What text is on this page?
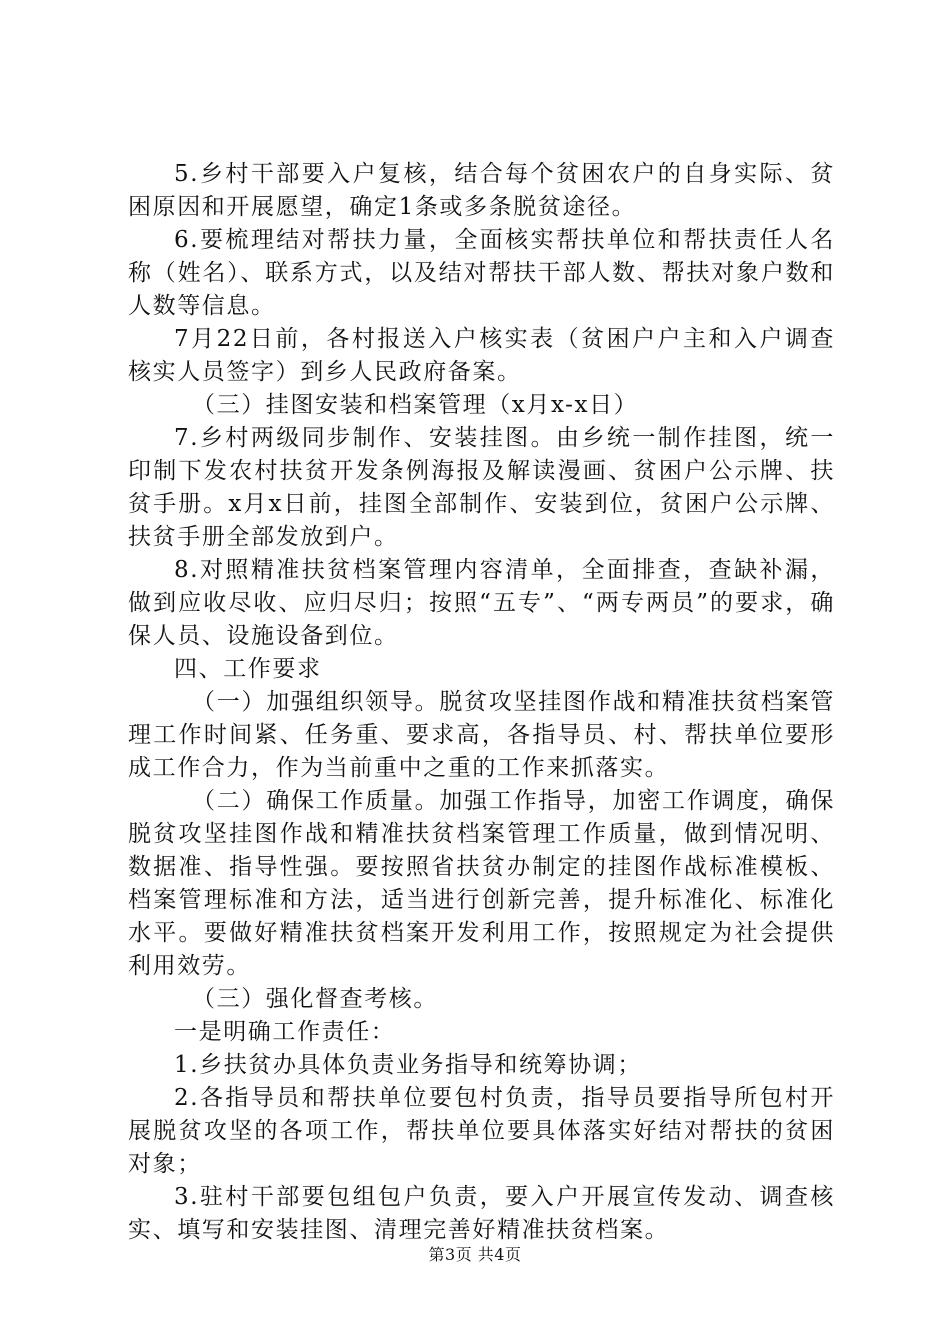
5.乡村干部要入户复核，结合每个贫困农户的自身实际、贫困原因和开展愿望，确定1条或多条脱贫途径。

6.要梳理结对帮扶力量，全面核实帮扶单位和帮扶责任人名称（姓名）、联系方式，以及结对帮扶干部人数、帮扶对象户数和人数等信息。

7月22日前，各村报送入户核实表（贫困户户主和入户调查核实人员签字）到乡人民政府备案。

（三）挂图安装和档案管理（x月x-x日）

7.乡村两级同步制作、安装挂图。由乡统一制作挂图，统一印制下发农村扶贫开发条例海报及解读漫画、贫困户公示牌、扶贫手册。x月x日前，挂图全部制作、安装到位，贫困户公示牌、扶贫手册全部发放到户。

8.对照精准扶贫档案管理内容清单，全面排查，查缺补漏，做到应收尽收、应归尽归；按照“五专”、“两专两员”的要求，确保人员、设施设备到位。

四、工作要求

（一）加强组织领导。脱贫攻坚挂图作战和精准扶贫档案管理工作时间紧、任务重、要求高，各指导员、村、帮扶单位要形成工作合力，作为当前重中之重的工作来抓落实。

（二）确保工作质量。加强工作指导，加密工作调度，确保脱贫攻坚挂图作战和精准扶贫档案管理工作质量，做到情况明、数据准、指导性强。要按照省扶贫办制定的挂图作战标准模板、档案管理标准和方法，适当进行创新完善，提升标准化、标准化水平。要做好精准扶贫档案开发利用工作，按照规定为社会提供利用效劳。

（三）强化督查考核。

一是明确工作责任：

1.乡扶贫办具体负责业务指导和统筹协调；

2.各指导员和帮扶单位要包村负责，指导员要指导所包村开展脱贫攻坚的各项工作，帮扶单位要具体落实好结对帮扶的贫困对象；

3.驻村干部要包组包户负责，要入户开展宣传发动、调查核实、填写和安装挂图、清理完善好精准扶贫档案。

第3页 共4页
